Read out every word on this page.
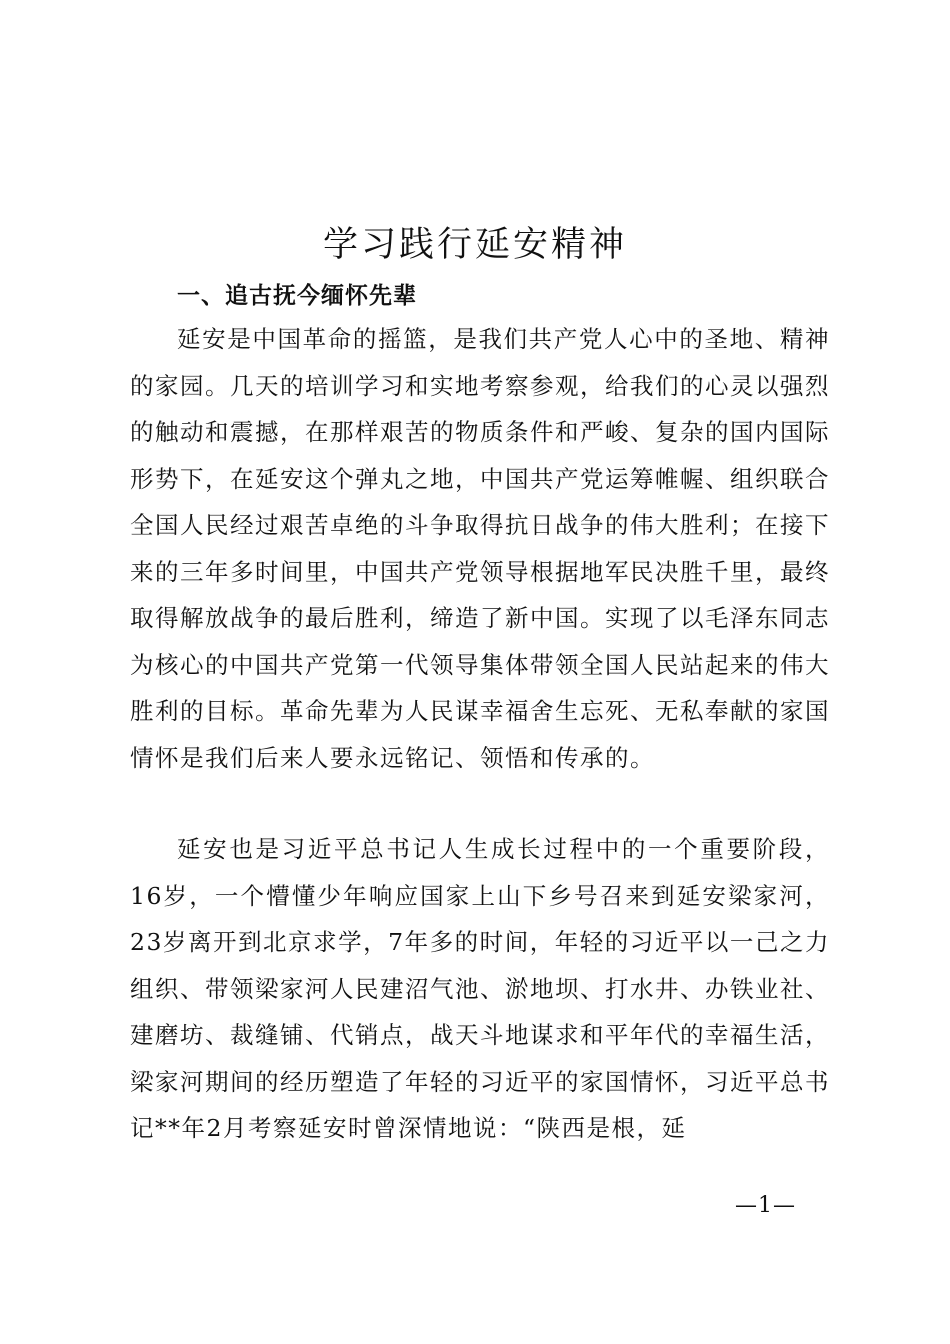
学习践行延安精神
一、追古抚今缅怀先辈

延安是中国革命的摇篮，是我们共产党人心中的圣地、精神的家园。几天的培训学习和实地考察参观，给我们的心灵以强烈的触动和震撼，在那样艰苦的物质条件和严峻、复杂的国内国际形势下，在延安这个弹丸之地，中国共产党运筹帷幄、组织联合全国人民经过艰苦卓绝的斗争取得抗日战争的伟大胜利；在接下来的三年多时间里，中国共产党领导根据地军民决胜千里，最终取得解放战争的最后胜利，缔造了新中国。实现了以毛泽东同志为核心的中国共产党第一代领导集体带领全国人民站起来的伟大胜利的目标。革命先辈为人民谋幸福舍生忘死、无私奉献的家国情怀是我们后来人要永远铭记、领悟和传承的。

延安也是习近平总书记人生成长过程中的一个重要阶段，16岁，一个懵懂少年响应国家上山下乡号召来到延安梁家河，23岁离开到北京求学，7年多的时间，年轻的习近平以一己之力组织、带领梁家河人民建沼气池、淤地坝、打水井、办铁业社、建磨坊、裁缝铺、代销点，战天斗地谋求和平年代的幸福生活，梁家河期间的经历塑造了年轻的习近平的家国情怀，习近平总书记**年2月考察延安时曾深情地说：“陕西是根，延

—1—
